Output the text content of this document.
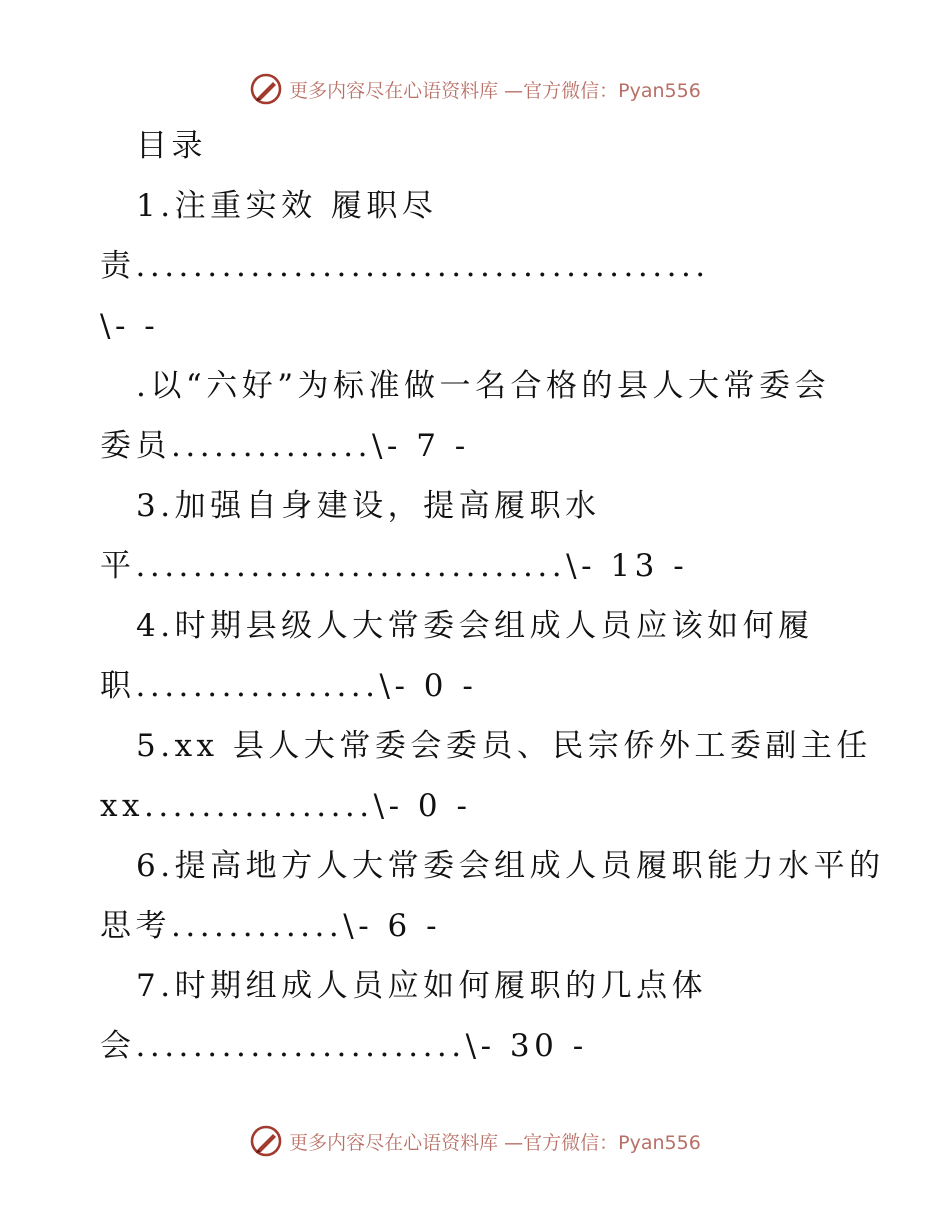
更多内容尽在心语资料库 —官方微信：Pyan556
目录
1.注重实效 履职尽
责........................................
\- -
.以“六好”为标准做一名合格的县人大常委会
委员..............\- 7 -
3.加强自身建设，提高履职水
平..............................\- 13 -
4.时期县级人大常委会组成人员应该如何履
职.................\- 0 -
5.xx 县人大常委会委员、民宗侨外工委副主任
xx................\- 0 -
6.提高地方人大常委会组成人员履职能力水平的
思考............\- 6 -
7.时期组成人员应如何履职的几点体
会.......................\- 30 -
更多内容尽在心语资料库 —官方微信：Pyan556
